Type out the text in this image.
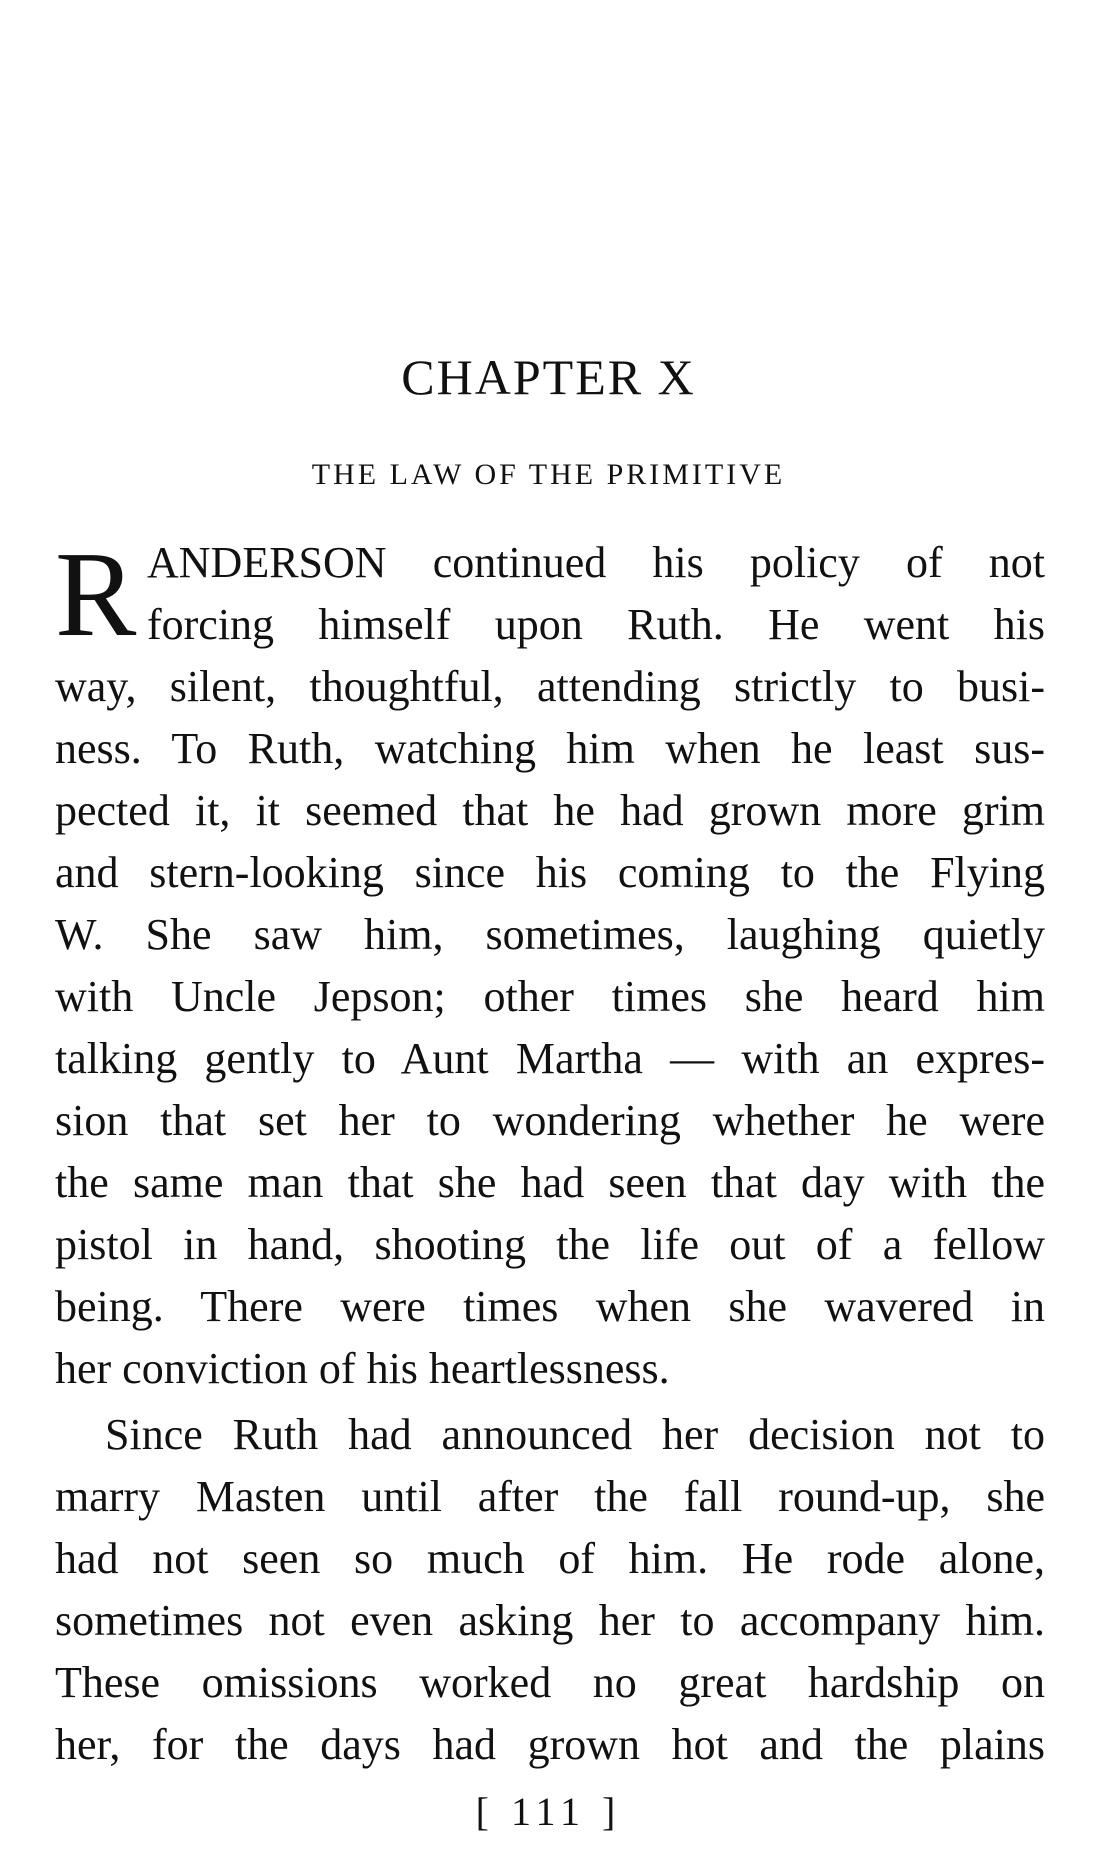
CHAPTER X
THE LAW OF THE PRIMITIVE
R ANDERSON continued his policy of not
forcing himself upon Ruth. He went his
way, silent, thoughtful, attending strictly to busi-
ness. To Ruth, watching him when he least sus-
pected it, it seemed that he had grown more grim
and stern-looking since his coming to the Flying
W. She saw him, sometimes, laughing quietly
with Uncle Jepson; other times she heard him
talking gently to Aunt Martha — with an expres-
sion that set her to wondering whether he were
the same man that she had seen that day with the
pistol in hand, shooting the life out of a fellow
being. There were times when she wavered in
her conviction of his heartlessness.
Since Ruth had announced her decision not to
marry Masten until after the fall round-up, she
had not seen so much of him. He rode alone,
sometimes not even asking her to accompany him.
These omissions worked no great hardship on
her, for the days had grown hot and the plains
[ 111 ]
